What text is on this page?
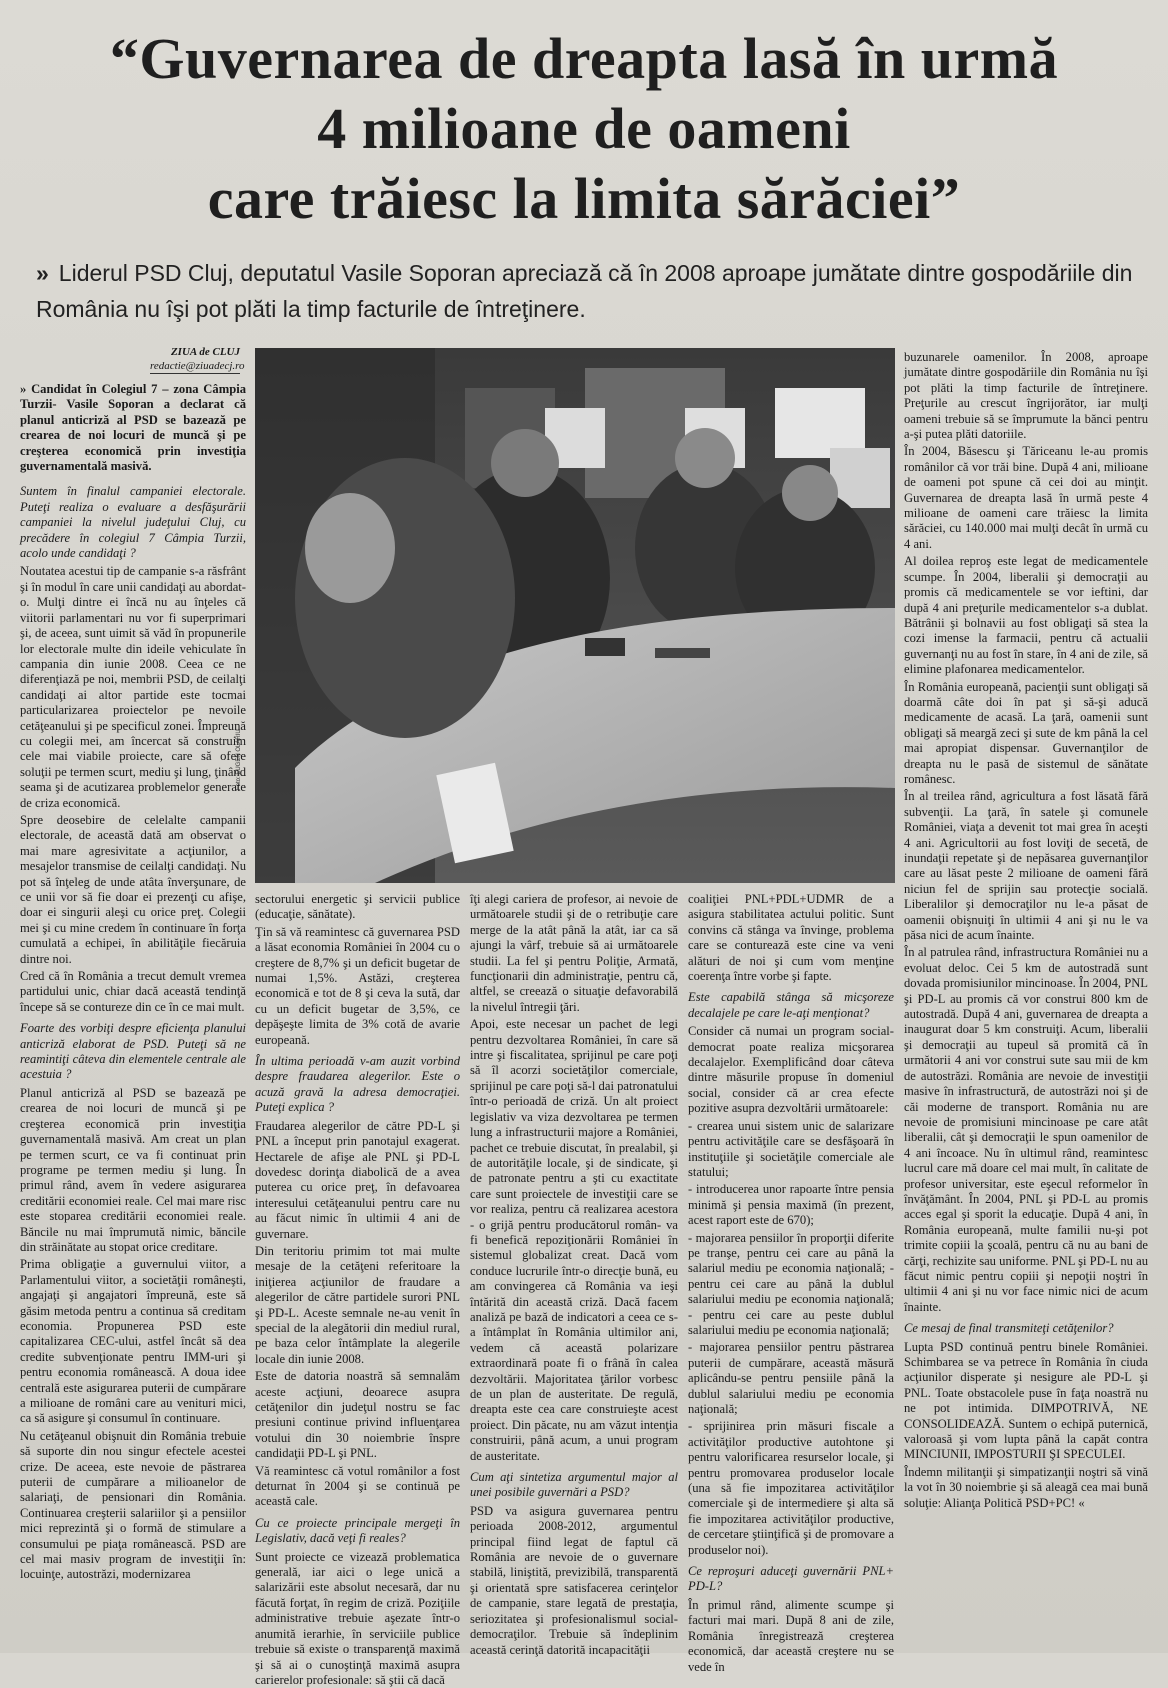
“Guvernarea de dreapta lasă în urmă
4 milioane de oameni
care trăiesc la limita sărăciei”
» Liderul PSD Cluj, deputatul Vasile Soporan apreciază că în 2008 aproape jumătate dintre gospodăriile din România nu îşi pot plăti la timp facturile de întreţinere.
ZIUA de CLUJ
redactie@ziuadecj.ro
Foto: EUGEN OLARIU

» Candidat în Colegiul 7 – zona Câmpia Turzii- Vasile Soporan a declarat că planul anticriză al PSD se bazează pe crearea de noi locuri de muncă şi pe creşterea economică prin investiţia guvernamentală masivă.

Suntem în finalul campaniei electorale. Puteţi realiza o evaluare a desfăşurării campaniei la nivelul judeţului Cluj, cu precădere în colegiul 7 Câmpia Turzii, acolo unde candidaţi ?

Noutatea acestui tip de campanie s-a răsfrânt şi în modul în care unii candidaţi au abordat-o. Mulţi dintre ei încă nu au înţeles că viitorii parlamentari nu vor fi superprimari şi, de aceea, sunt uimit să văd în propunerile lor electorale multe din ideile vehiculate în campania din iunie 2008. Ceea ce ne diferenţiază pe noi, membrii PSD, de ceilalţi candidaţi ai altor partide este tocmai particularizarea proiectelor pe nevoile cetăţeanului şi pe specificul zonei. Împreună cu colegii mei, am încercat să construim cele mai viabile proiecte, care să ofere soluţii pe termen scurt, mediu şi lung, ţinând seama şi de acutizarea problemelor generate de criza economică.

Spre deosebire de celelalte campanii electorale, de această dată am observat o mai mare agresivitate a acţiunilor, a mesajelor transmise de ceilalţi candidaţi. Nu pot să înţeleg de unde atâta înverşunare, de ce unii vor să fie doar ei prezenţi cu afişe, doar ei singurii aleşi cu orice preţ. Colegii mei şi cu mine credem în continuare în forţa cumulată a echipei, în abilităţile fiecăruia dintre noi.

Cred că în România a trecut demult vremea partidului unic, chiar dacă această tendinţă începe să se contureze din ce în ce mai mult.

Foarte des vorbiţi despre eficienţa planului anticriză elaborat de PSD. Puteţi să ne reamintiţi câteva din elementele centrale ale acestuia ?

Planul anticriză al PSD se bazează pe crearea de noi locuri de muncă şi pe creşterea economică prin investiţia guvernamentală masivă. Am creat un plan pe termen scurt, ce va fi continuat prin programe pe termen mediu şi lung. În primul rând, avem în vedere asigurarea creditării economiei reale. Cel mai mare risc este stoparea creditării economiei reale. Băncile nu mai împrumută nimic, băncile din străinătate au stopat orice creditare.

Prima obligaţie a guvernului viitor, a Parlamentului viitor, a societăţii româneşti, angajaţi şi angajatori împreună, este să găsim metoda pentru a continua să creditam economia. Propunerea PSD este capitalizarea CEC-ului, astfel încât să dea credite subvenţionate pentru IMM-uri şi pentru economia românească. A doua idee centrală este asigurarea puterii de cumpărare a milioane de români care au venituri mici, ca să asigure şi consumul în continuare.

Nu cetăţeanul obişnuit din România trebuie să suporte din nou singur efectele acestei crize. De aceea, este nevoie de păstrarea puterii de cumpărare a milioanelor de salariaţi, de pensionari din România. Continuarea creşterii salariilor şi a pensiilor mici reprezintă şi o formă de stimulare a consumului pe piaţa românească. PSD are cel mai masiv program de investiţii în: locuinţe, autostrăzi, modernizarea

sectorului energetic şi servicii publice (educaţie, sănătate).

Ţin să vă reamintesc că guvernarea PSD a lăsat economia României în 2004 cu o creştere de 8,7% şi un deficit bugetar de numai 1,5%. Astăzi, creşterea economică e tot de 8 şi ceva la sută, dar cu un deficit bugetar de 3,5%, ce depăşeşte limita de 3% cotă de avarie europeană.

În ultima perioadă v-am auzit vorbind despre fraudarea alegerilor. Este o acuză gravă la adresa democraţiei. Puteţi explica ?

Fraudarea alegerilor de către PD-L şi PNL a început prin panotajul exagerat. Hectarele de afişe ale PNL şi PD-L dovedesc dorinţa diabolică de a avea puterea cu orice preţ, în defavoarea interesului cetăţeanului pentru care nu au făcut nimic în ultimii 4 ani de guvernare.

Din teritoriu primim tot mai multe mesaje de la cetăţeni referitoare la iniţierea acţiunilor de fraudare a alegerilor de către partidele surori PNL şi PD-L. Aceste semnale ne-au venit în special de la alegătorii din mediul rural, pe baza celor întâmplate la alegerile locale din iunie 2008.

Este de datoria noastră să semnalăm aceste acţiuni, deoarece asupra cetăţenilor din judeţul nostru se fac presiuni continue privind influenţarea votului din 30 noiembrie înspre candidaţii PD-L şi PNL.

Vă reamintesc că votul românilor a fost deturnat în 2004 şi se continuă pe această cale.

Cu ce proiecte principale mergeţi în Legislativ, dacă veţi fi reales?

Sunt proiecte ce vizează problematica generală, iar aici o lege unică a salarizării este absolut necesară, dar nu făcută forţat, în regim de criză. Poziţiile administrative trebuie aşezate într-o anumită ierarhie, în serviciile publice trebuie să existe o transparenţă maximă şi să ai o cunoştinţă maximă asupra carierelor profesionale: să ştii că dacă

îţi alegi cariera de profesor, ai nevoie de următoarele studii şi de o retribuţie care merge de la atât până la atât, iar ca să ajungi la vârf, trebuie să ai următoarele studii. La fel şi pentru Poliţie, Armată, funcţionarii din administraţie, pentru că, altfel, se creează o situaţie defavorabilă la nivelul întregii ţări.

Apoi, este necesar un pachet de legi pentru dezvoltarea României, în care să intre şi fiscalitatea, sprijinul pe care poţi să îl acorzi societăţilor comerciale, sprijinul pe care poţi să-l dai patronatului într-o perioadă de criză. Un alt proiect legislativ va viza dezvoltarea pe termen lung a infrastructurii majore a României, pachet ce trebuie discutat, în prealabil, şi de autorităţile locale, şi de sindicate, şi de patronate pentru a şti cu exactitate care sunt proiectele de investiţii care se vor realiza, pentru că realizarea acestora - o grijă pentru producătorul român- va fi benefică repoziţionării României în sistemul globalizat creat. Dacă vom conduce lucrurile într-o direcţie bună, eu am convingerea că România va ieşi întărită din această criză. Dacă facem analiză pe bază de indicatori a ceea ce s-a întâmplat în România ultimilor ani, vedem că această polarizare extraordinară poate fi o frână în calea dezvoltării. Majoritatea ţărilor vorbesc de un plan de austeritate. De regulă, dreapta este cea care construieşte acest proiect. Din păcate, nu am văzut intenţia construirii, până acum, a unui program de austeritate.

Cum aţi sintetiza argumentul major al unei posibile guvernări a PSD?

PSD va asigura guvernarea pentru perioada 2008-2012, argumentul principal fiind legat de faptul că România are nevoie de o guvernare stabilă, liniştită, previzibilă, transparentă şi orientată spre satisfacerea cerinţelor de campanie, stare legată de prestaţia, seriozitatea şi profesionalismul social-democraţilor. Trebuie să îndeplinim această cerinţă datorită incapacităţii

coaliţiei PNL+PDL+UDMR de a asigura stabilitatea actului politic. Sunt convins că stânga va învinge, problema care se conturează este cine va veni alături de noi şi cum vom menţine coerenţa între vorbe şi fapte.

Este capabilă stânga să micşoreze decalajele pe care le-aţi menţionat?

Consider că numai un program social-democrat poate realiza micşorarea decalajelor. Exemplificând doar câteva dintre măsurile propuse în domeniul social, consider că ar crea efecte pozitive asupra dezvoltării următoarele:

- crearea unui sistem unic de salarizare pentru activităţile care se desfăşoară în instituţiile şi societăţile comerciale ale statului;

- introducerea unor rapoarte între pensia minimă şi pensia maximă (în prezent, acest raport este de 670);

- majorarea pensiilor în proporţii diferite pe tranşe, pentru cei care au până la salariul mediu pe economia naţională; - pentru cei care au până la dublul salariului mediu pe economia naţională; - pentru cei care au peste dublul salariului mediu pe economia naţională;

- majorarea pensiilor pentru păstrarea puterii de cumpărare, această măsură aplicându-se pentru pensiile până la dublul salariului mediu pe economia naţională;

- sprijinirea prin măsuri fiscale a activităţilor productive autohtone şi pentru valorificarea resurselor locale, şi pentru promovarea produselor locale (una să fie impozitarea activităţilor comerciale şi de intermediere şi alta să fie impozitarea activităţilor productive, de cercetare ştiinţifică şi de promovare a produselor noi).

Ce reproşuri aduceţi guvernării PNL+ PD-L?

În primul rând, alimente scumpe şi facturi mai mari. După 8 ani de zile, România înregistrează creşterea economică, dar această creştere nu se vede în

buzunarele oamenilor. În 2008, aproape jumătate dintre gospodăriile din România nu îşi pot plăti la timp facturile de întreţinere. Preţurile au crescut îngrijorător, iar mulţi oameni trebuie să se împrumute la bănci pentru a-şi putea plăti datoriile.

În 2004, Băsescu şi Tăriceanu le-au promis românilor că vor trăi bine. După 4 ani, milioane de oameni pot spune că cei doi au minţit. Guvernarea de dreapta lasă în urmă peste 4 milioane de oameni care trăiesc la limita sărăciei, cu 140.000 mai mulţi decât în urmă cu 4 ani.

Al doilea reproş este legat de medicamentele scumpe. În 2004, liberalii şi democraţii au promis că medicamentele se vor ieftini, dar după 4 ani preţurile medicamentelor s-a dublat. Bătrânii şi bolnavii au fost obligaţi să stea la cozi imense la farmacii, pentru că actualii guvernanţi nu au fost în stare, în 4 ani de zile, să elimine plafonarea medicamentelor.

În România europeană, pacienţii sunt obligaţi să doarmă câte doi în pat şi să-şi aducă medicamente de acasă. La ţară, oamenii sunt obligaţi să meargă zeci şi sute de km până la cel mai apropiat dispensar. Guvernanţilor de dreapta nu le pasă de sistemul de sănătate românesc.

În al treilea rând, agricultura a fost lăsată fără subvenţii. La ţară, în satele şi comunele României, viaţa a devenit tot mai grea în aceşti 4 ani. Agricultorii au fost loviţi de secetă, de inundaţii repetate şi de nepăsarea guvernanţilor care au lăsat peste 2 milioane de oameni fără niciun fel de sprijin sau protecţie socială. Liberalilor şi democraţilor nu le-a păsat de oamenii obişnuiţi în ultimii 4 ani şi nu le va păsa nici de acum înainte.

În al patrulea rând, infrastructura României nu a evoluat deloc. Cei 5 km de autostradă sunt dovada promisiunilor mincinoase. În 2004, PNL şi PD-L au promis că vor construi 800 km de autostradă. După 4 ani, guvernarea de dreapta a inaugurat doar 5 km construiţi. Acum, liberalii şi democraţii au tupeul să promită că în următorii 4 ani vor construi sute sau mii de km de autostrăzi. România are nevoie de investiţii masive în infrastructură, de autostrăzi noi şi de căi moderne de transport. România nu are nevoie de promisiuni mincinoase pe care atât liberalii, cât şi democraţii le spun oamenilor de 4 ani încoace. Nu în ultimul rând, reamintesc lucrul care mă doare cel mai mult, în calitate de profesor universitar, este eşecul reformelor în învăţământ. În 2004, PNL şi PD-L au promis acces egal şi sporit la educaţie. După 4 ani, în România europeană, multe familii nu-şi pot trimite copiii la şcoală, pentru că nu au bani de cărţi, rechizite sau uniforme. PNL şi PD-L nu au făcut nimic pentru copiii şi nepoţii noştri în ultimii 4 ani şi nu vor face nimic nici de acum înainte.

Ce mesaj de final transmiteţi cetăţenilor?

Lupta PSD continuă pentru binele României. Schimbarea se va petrece în România în ciuda acţiunilor disperate şi nesigure ale PD-L şi PNL. Toate obstacolele puse în faţa noastră nu ne pot intimida. DIMPOTRIVĂ, NE CONSOLIDEAZĂ. Suntem o echipă puternică, valoroasă şi vom lupta până la capăt contra MINCIUNII, IMPOSTURII ŞI SPECULEI.

Îndemn militanţii şi simpatizanţii noştri să vină la vot în 30 noiembrie şi să aleagă cea mai bună soluţie: Alianţa Politică PSD+PC! «
